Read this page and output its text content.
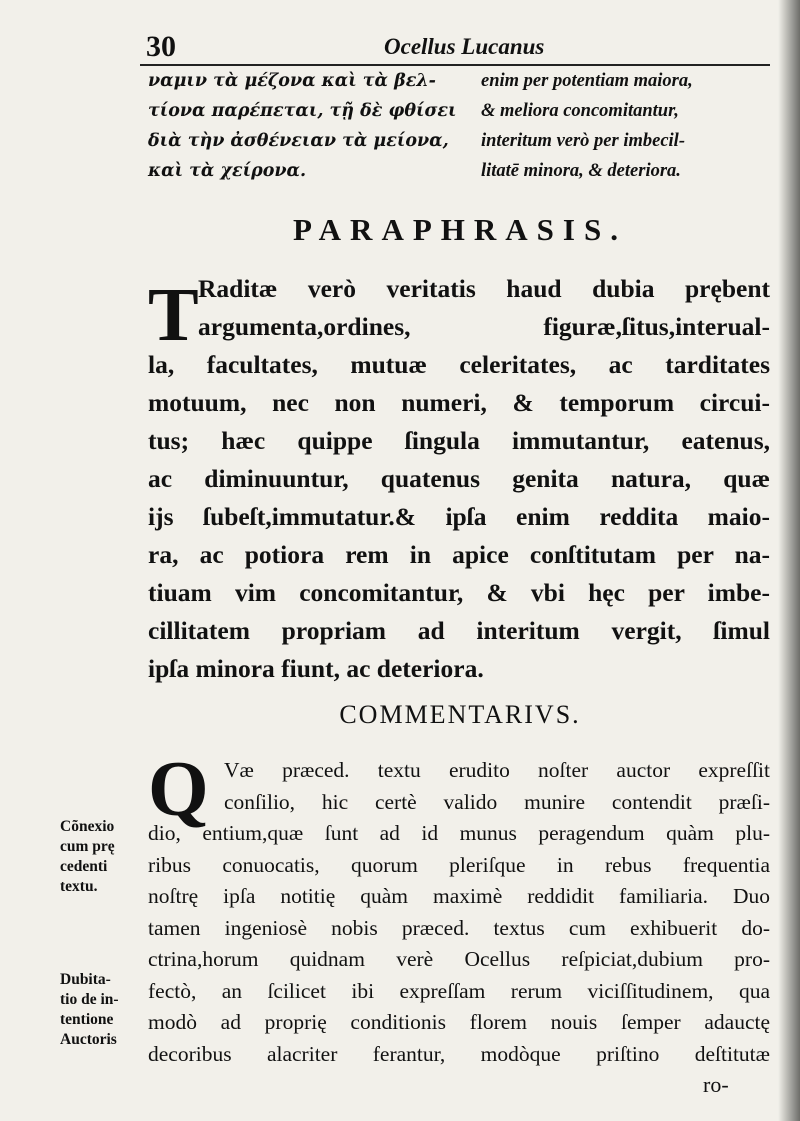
30	Ocellus Lucanus
ναμιν τὰ μέζονα καὶ τὰ βελ-
τίονα παρέπεται, τῇ δὲ φθίσει
διὰ τὴν ἀσθένειαν τὰ μείονα,
καὶ τὰ χείρονα.
enim per potentiam maiora,
& meliora concomitantur,
interitum verò per imbecil-
litatē minora, & deteriora.
PARAPHRASIS.
T Raditæ verò veritatis haud dubia prębent
argumenta,ordines, figuræ,ſitus,interual-
la, facultates, mutuæ celeritates, ac tarditates
motuum, nec non numeri, & temporum circui-
tus; hæc quippe ſingula immutantur, eatenus,
ac diminuuntur, quatenus genita natura, quæ
ijs ſubeſt,immutatur.& ipſa enim reddita maio-
ra, ac potiora rem in apice conſtitutam per na-
tiuam vim concomitantur, & vbi hęc per imbe-
cillitatem propriam ad interitum vergit, ſimul
ipſa minora fiunt, ac deteriora.
COMMENTARIVS.
Q Væ præced. textu erudito noſter auctor expreſſit
conſilio, hic certè valido munire contendit præſi-
dio, entium,quæ ſunt ad id munus peragendum quàm plu-
ribus conuocatis, quorum pleriſque in rebus frequentia
noſtrę ipſa notitię quàm maximè reddidit familiaria. Duo
tamen ingeniosè nobis præced. textus cum exhibuerit do-
ctrina,horum quidnam verè Ocellus reſpiciat,dubium pro-
fectò, an ſcilicet ibi expreſſam rerum viciſſitudinem, qua
modò ad proprię conditionis florem nouis ſemper adauctę
decoribus alacriter ferantur, modòque priſtino deſtitutæ
ro-
Cõnexio
cum prę
cedenti
textu.
Dubita-
tio de in-
tentione
Auctoris
